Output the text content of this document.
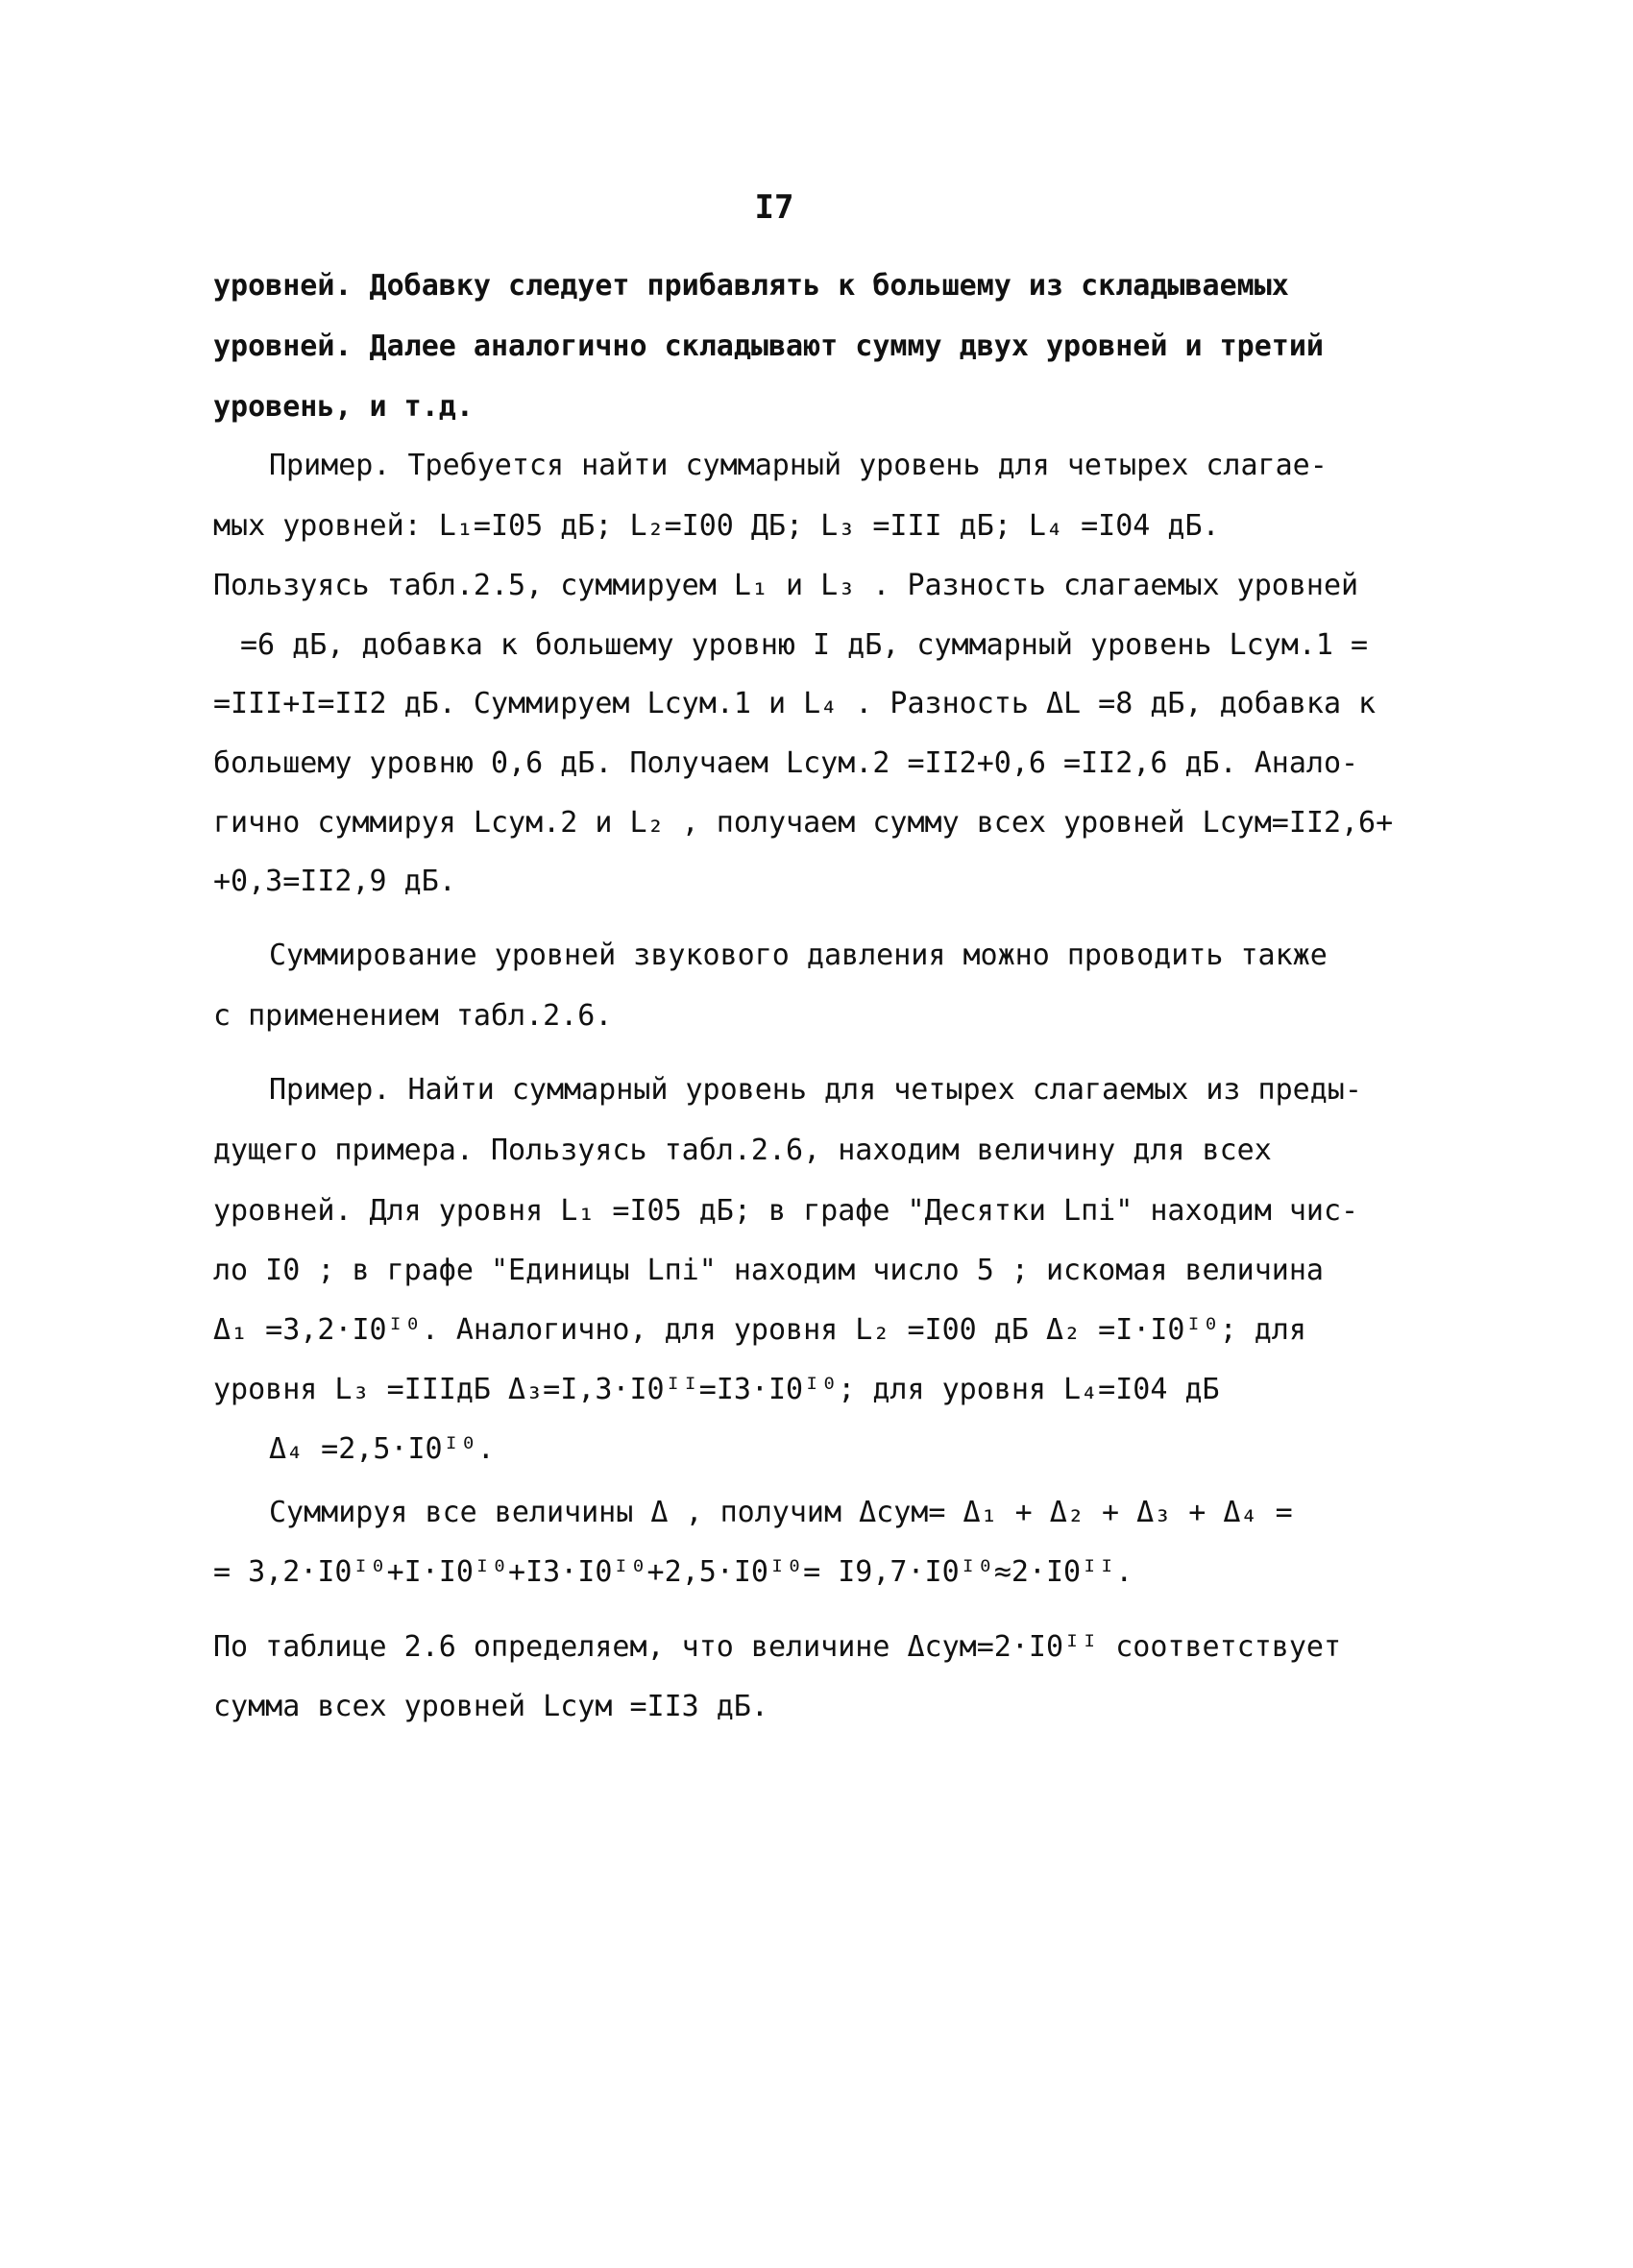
I7
уровней. Добавку следует прибавлять к большему из складываемых
уровней. Далее аналогично складывают сумму двух уровней и третий
уровень, и т.д.
Пример. Требуется найти суммарный уровень для четырех слагае-
мых уровней: L₁=I05 дБ; L₂=I00 ДБ; L₃ =III дБ; L₄ =I04 дБ.
Пользуясь табл.2.5, суммируем L₁ и L₃ . Разность слагаемых уровней
=6 дБ, добавка к большему уровню I дБ, суммарный уровень Lсум.1 =
=III+I=II2 дБ. Суммируем Lсум.1 и L₄ . Разность ΔL =8 дБ, добавка к
большему уровню 0,6 дБ. Получаем Lсум.2 =II2+0,6 =II2,6 дБ. Анало-
гично суммируя Lсум.2 и L₂ , получаем сумму всех уровней Lсум=II2,6+
+0,3=II2,9 дБ.
Суммирование уровней звукового давления можно проводить также
с применением табл.2.6.
Пример. Найти суммарный уровень для четырех слагаемых из преды-
дущего примера. Пользуясь табл.2.6, находим величину для всех
уровней. Для уровня L₁ =I05 дБ; в графе "Десятки Lпі" находим чис-
ло I0 ; в графе "Единицы Lпі" находим число 5 ; искомая величина
Δ₁ =3,2·I0ᴵ⁰. Аналогично, для уровня L₂ =I00 дБ Δ₂ =I·I0ᴵ⁰; для
уровня L₃ =IIIдБ Δ₃=I,3·I0ᴵᴵ=I3·I0ᴵ⁰; для уровня L₄=I04 дБ
Δ₄ =2,5·I0ᴵ⁰.
Суммируя все величины Δ , получим Δсум= Δ₁ + Δ₂ + Δ₃ + Δ₄ =
= 3,2·I0ᴵ⁰+I·I0ᴵ⁰+I3·I0ᴵ⁰+2,5·I0ᴵ⁰= I9,7·I0ᴵ⁰≈2·I0ᴵᴵ.
По таблице 2.6 определяем, что величине Δсум=2·I0ᴵᴵ соответствует
сумма всех уровней Lсум =II3 дБ.
